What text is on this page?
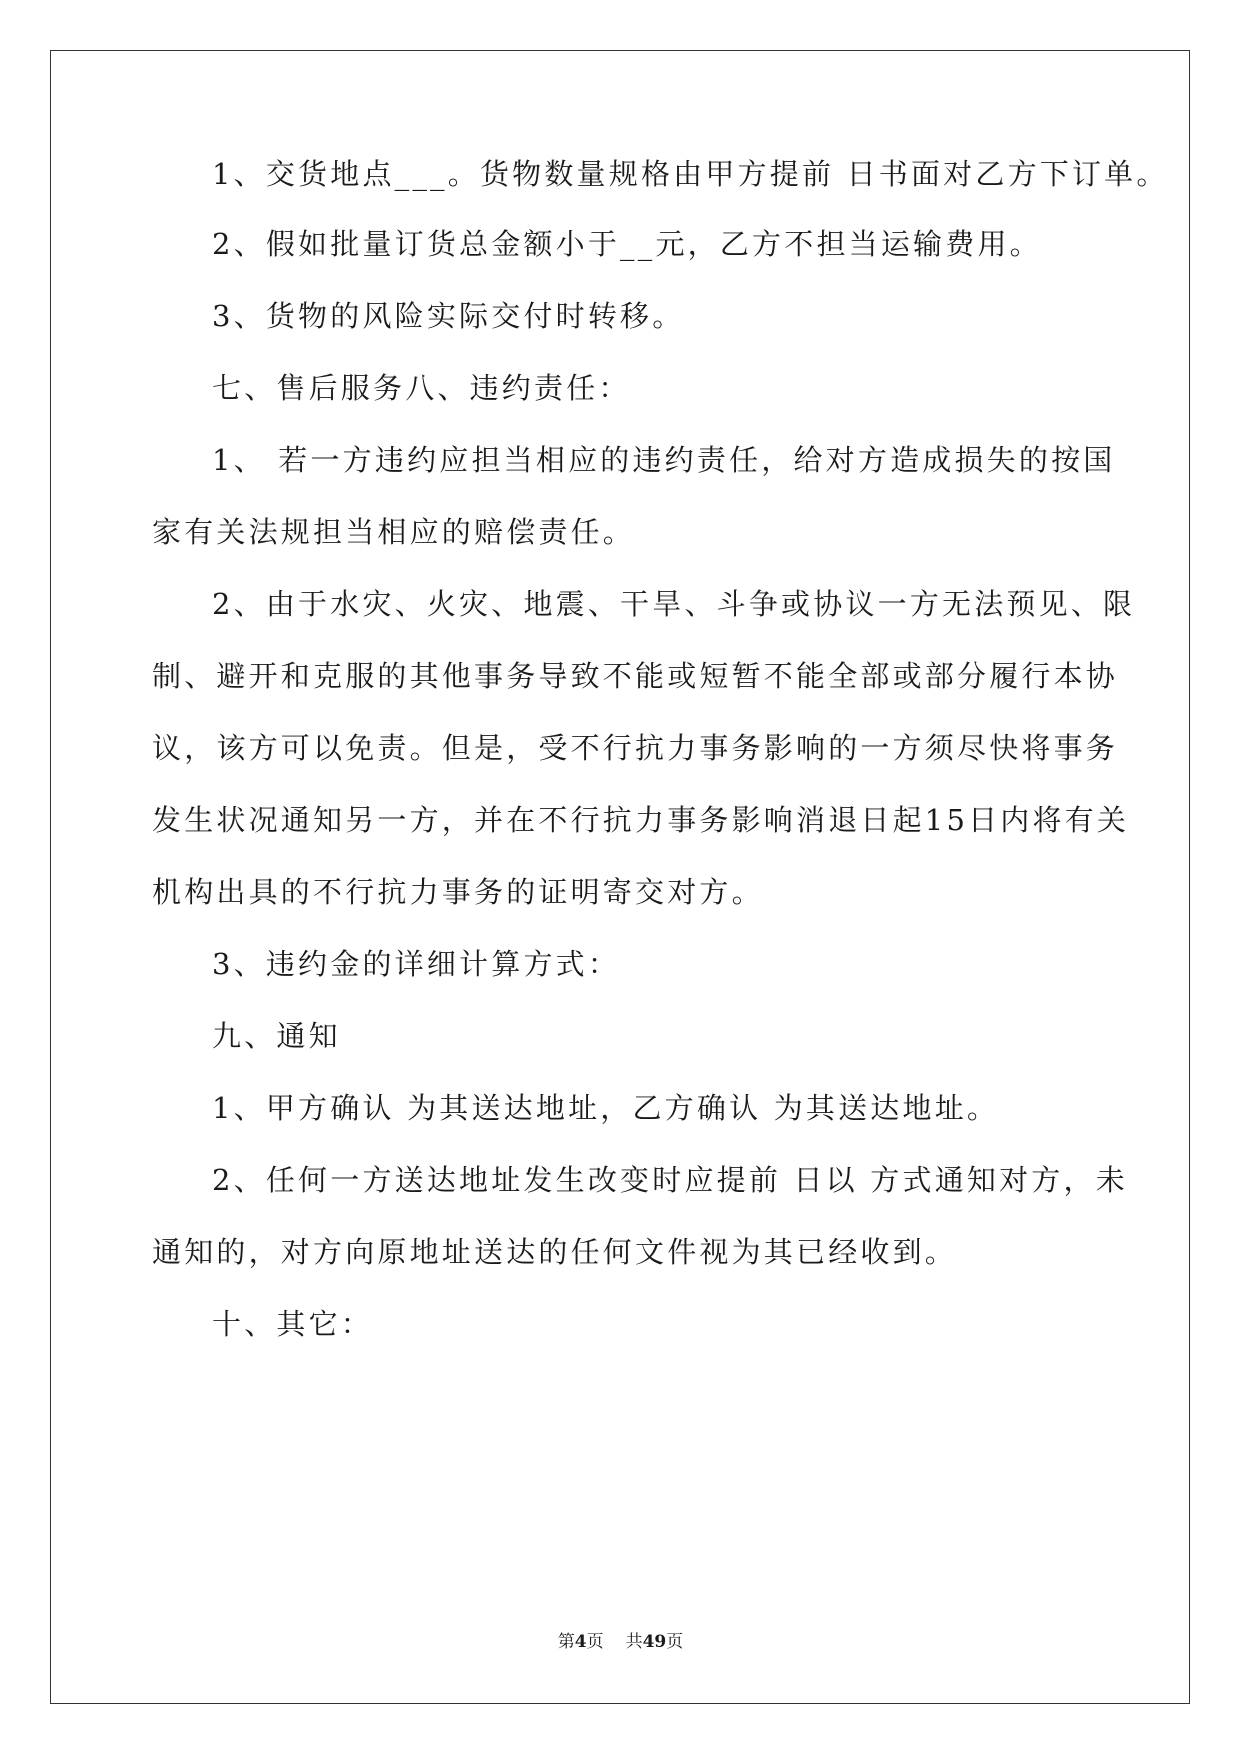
1、交货地点___。货物数量规格由甲方提前 日书面对乙方下订单。
2、假如批量订货总金额小于__元，乙方不担当运输费用。
3、货物的风险实际交付时转移。
七、售后服务八、违约责任：
1、 若一方违约应担当相应的违约责任，给对方造成损失的按国
家有关法规担当相应的赔偿责任。
2、由于水灾、火灾、地震、干旱、斗争或协议一方无法预见、限
制、避开和克服的其他事务导致不能或短暂不能全部或部分履行本协
议，该方可以免责。但是，受不行抗力事务影响的一方须尽快将事务
发生状况通知另一方，并在不行抗力事务影响消退日起15日内将有关
机构出具的不行抗力事务的证明寄交对方。
3、违约金的详细计算方式：
九、通知
1、甲方确认 为其送达地址，乙方确认 为其送达地址。
2、任何一方送达地址发生改变时应提前 日以 方式通知对方，未
通知的，对方向原地址送达的任何文件视为其已经收到。
十、其它：
第4页 共49页
